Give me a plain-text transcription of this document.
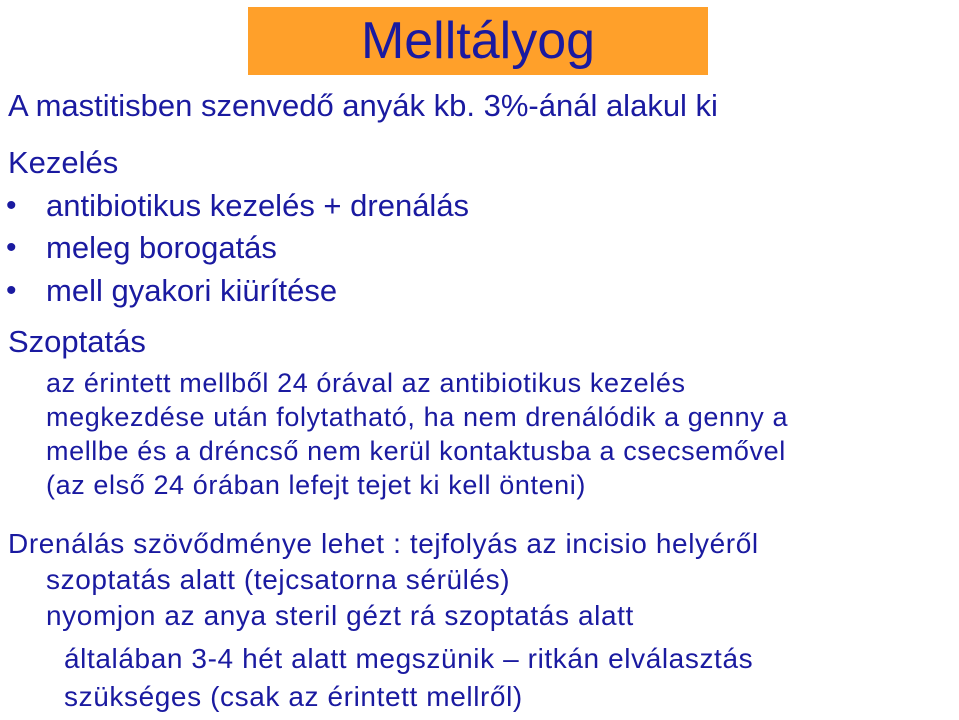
Melltályog
A mastitisben szenvedő anyák kb. 3%-ánál alakul ki
Kezelés
• antibiotikus kezelés + drenálás
• meleg borogatás
• mell gyakori kiürítése
Szoptatás
az érintett mellből 24 órával az antibiotikus kezelés
megkezdése után folytatható, ha nem drenálódik a genny a
mellbe és a dréncső nem kerül kontaktusba a csecsemővel
(az első 24 órában lefejt tejet ki kell önteni)
Drenálás szövődménye lehet : tejfolyás az incisio helyéről
szoptatás alatt (tejcsatorna sérülés)
nyomjon az anya steril gézt rá szoptatás alatt
általában 3-4 hét alatt megszünik – ritkán elválasztás
szükséges (csak az érintett mellről)
